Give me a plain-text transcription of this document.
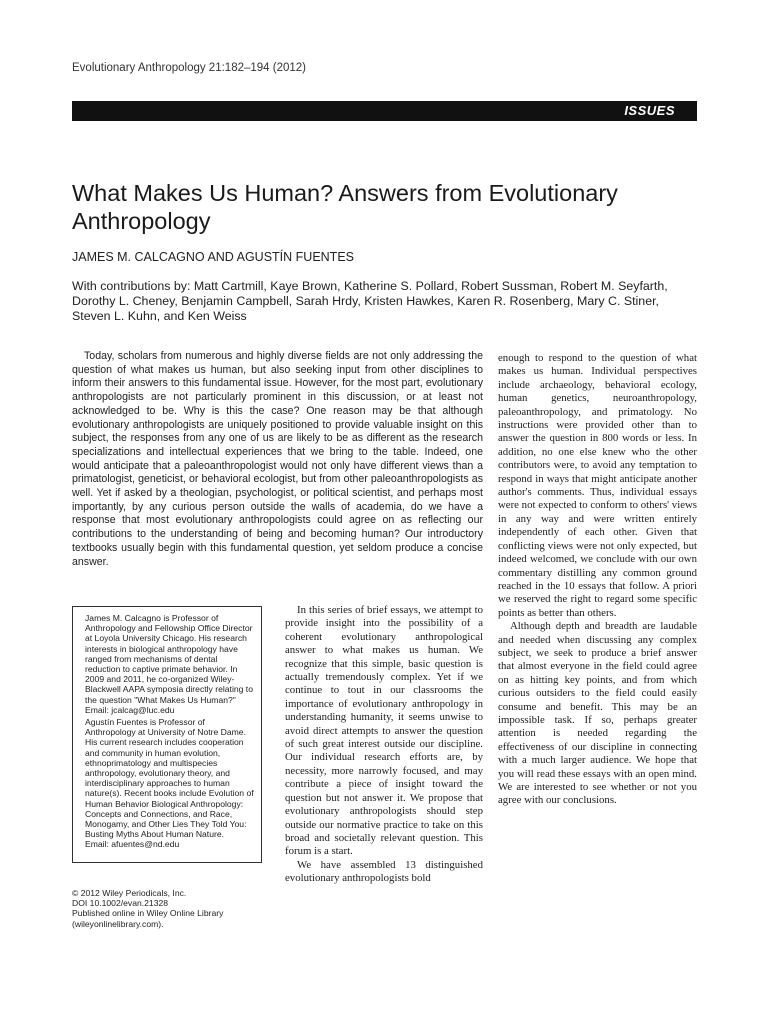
Evolutionary Anthropology 21:182–194 (2012)
ISSUES
What Makes Us Human? Answers from Evolutionary Anthropology
JAMES M. CALCAGNO AND AGUSTÍN FUENTES
With contributions by: Matt Cartmill, Kaye Brown, Katherine S. Pollard, Robert Sussman, Robert M. Seyfarth, Dorothy L. Cheney, Benjamin Campbell, Sarah Hrdy, Kristen Hawkes, Karen R. Rosenberg, Mary C. Stiner, Steven L. Kuhn, and Ken Weiss

Today, scholars from numerous and highly diverse fields are not only addressing the question of what makes us human, but also seeking input from other disciplines to inform their answers to this fundamental issue. However, for the most part, evolutionary anthropologists are not particularly prominent in this discussion, or at least not acknowledged to be. Why is this the case? One reason may be that although evolutionary anthropologists are uniquely positioned to provide valuable insight on this subject, the responses from any one of us are likely to be as different as the research specializations and intellectual experiences that we bring to the table. Indeed, one would anticipate that a paleoanthropologist would not only have different views than a primatologist, geneticist, or behavioral ecologist, but from other paleoanthropologists as well. Yet if asked by a theologian, psychologist, or political scientist, and perhaps most importantly, by any curious person outside the walls of academia, do we have a response that most evolutionary anthropologists could agree on as reflecting our contributions to the understanding of being and becoming human? Our introductory textbooks usually begin with this fundamental question, yet seldom produce a concise answer.

James M. Calcagno is Professor of Anthropology and Fellowship Office Director at Loyola University Chicago. His research interests in biological anthropology have ranged from mechanisms of dental reduction to captive primate behavior. In 2009 and 2011, he co-organized Wiley-Blackwell AAPA symposia directly relating to the question "What Makes Us Human?"
Email: jcalcag@luc.edu

Agustín Fuentes is Professor of Anthropology at University of Notre Dame. His current research includes cooperation and community in human evolution, ethnoprimatology and multispecies anthropology, evolutionary theory, and interdisciplinary approaches to human nature(s). Recent books include Evolution of Human Behavior Biological Anthropology: Concepts and Connections, and Race, Monogamy, and Other Lies They Told You: Busting Myths About Human Nature.
Email: afuentes@nd.edu

© 2012 Wiley Periodicals, Inc.
DOI 10.1002/evan.21328
Published online in Wiley Online Library
(wileyonlinelibrary.com).

In this series of brief essays, we attempt to provide insight into the possibility of a coherent evolutionary anthropological answer to what makes us human. We recognize that this simple, basic question is actually tremendously complex. Yet if we continue to tout in our classrooms the importance of evolutionary anthropology in understanding humanity, it seems unwise to avoid direct attempts to answer the question of such great interest outside our discipline. Our individual research efforts are, by necessity, more narrowly focused, and may contribute a piece of insight toward the question but not answer it. We propose that evolutionary anthropologists should step outside our normative practice to take on this broad and societally relevant question. This forum is a start.

We have assembled 13 distinguished evolutionary anthropologists bold

enough to respond to the question of what makes us human. Individual perspectives include archaeology, behavioral ecology, human genetics, neuroanthropology, paleoanthropology, and primatology. No instructions were provided other than to answer the question in 800 words or less. In addition, no one else knew who the other contributors were, to avoid any temptation to respond in ways that might anticipate another author's comments. Thus, individual essays were not expected to conform to others' views in any way and were written entirely independently of each other. Given that conflicting views were not only expected, but indeed welcomed, we conclude with our own commentary distilling any common ground reached in the 10 essays that follow. A priori we reserved the right to regard some specific points as better than others.

Although depth and breadth are laudable and needed when discussing any complex subject, we seek to produce a brief answer that almost everyone in the field could agree on as hitting key points, and from which curious outsiders to the field could easily consume and benefit. This may be an impossible task. If so, perhaps greater attention is needed regarding the effectiveness of our discipline in connecting with a much larger audience. We hope that you will read these essays with an open mind. We are interested to see whether or not you agree with our conclusions.
